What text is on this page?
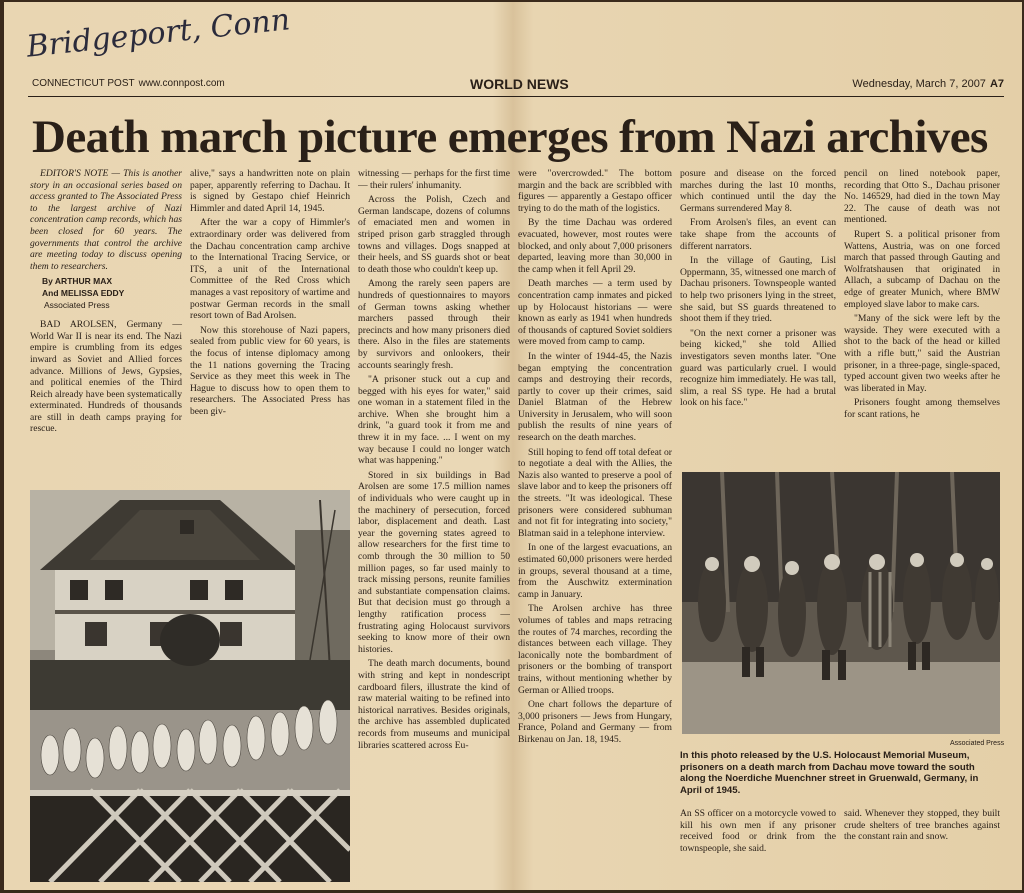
Bridgeport, Conn
CONNECTICUT POST www.connpost.com	WORLD NEWS	Wednesday, March 7, 2007 A7
Death march picture emerges from Nazi archives

EDITOR'S NOTE — This is another story in an occasional series based on access granted to The Associated Press to the largest archive of Nazi concentration camp records, which has been closed for 60 years. The governments that control the archive are meeting today to discuss opening them to researchers.

By ARTHUR MAX
And MELISSA EDDY
Associated Press

BAD AROLSEN, Germany — World War II is near its end. The Nazi empire is crumbling from its edges inward as Soviet and Allied forces advance. Millions of Jews, Gypsies, and political enemies of the Third Reich already have been systematically exterminated. Hundreds of thousands are still in death camps praying for rescue.

alive," says a handwritten note on plain paper, apparently referring to Dachau. It is signed by Gestapo chief Heinrich Himmler and dated April 14, 1945.

After the war a copy of Himmler's extraordinary order was delivered from the Dachau concentration camp archive to the International Tracing Service, or ITS, a unit of the International Committee of the Red Cross which manages a vast repository of wartime and postwar German records in the small resort town of Bad Arolsen.

Now this storehouse of Nazi papers, sealed from public view for 60 years, is the focus of intense diplomacy among the 11 nations governing the Tracing Service as they meet this week in The Hague to discuss how to open them to researchers. The Associated Press has been giv-

witnessing — perhaps for the first time — their rulers' inhumanity.

Across the Polish, Czech and German landscape, dozens of columns of emaciated men and women in striped prison garb straggled through towns and villages. Dogs snapped at their heels, and SS guards shot or beat to death those who couldn't keep up.

Among the rarely seen papers are hundreds of questionnaires to mayors of German towns asking whether marchers passed through their precincts and how many prisoners died there. Also in the files are statements by survivors and onlookers, their accounts searingly fresh.

"A prisoner stuck out a cup and begged with his eyes for water," said one woman in a statement filed in the archive. When she brought him a drink, "a guard took it from me and threw it in my face. ... I went on my way because I could no longer watch what was happening."

Stored in six buildings in Bad Arolsen are some 17.5 million names of individuals who were caught up in the machinery of persecution, forced labor, displacement and death. Last year the governing states agreed to allow researchers for the first time to comb through the 30 million to 50 million pages, so far used mainly to track missing persons, reunite families and substantiate compensation claims. But that decision must go through a lengthy ratification process — frustrating aging Holocaust survivors seeking to know more of their own histories.

The death march documents, bound with string and kept in nondescript cardboard filers, illustrate the kind of raw material waiting to be refined into historical narratives. Besides originals, the archive has assembled duplicated records from museums and municipal libraries scattered across Eu-

were "overcrowded." The bottom margin and the back are scribbled with figures — apparently a Gestapo officer trying to do the math of the logistics.

By the time Dachau was ordered evacuated, however, most routes were blocked, and only about 7,000 prisoners departed, leaving more than 30,000 in the camp when it fell April 29.

Death marches — a term used by concentration camp inmates and picked up by Holocaust historians — were known as early as 1941 when hundreds of thousands of captured Soviet soldiers were moved from camp to camp.

In the winter of 1944-45, the Nazis began emptying the concentration camps and destroying their records, partly to cover up their crimes, said Daniel Blatman of the Hebrew University in Jerusalem, who will soon publish the results of nine years of research on the death marches.

Still hoping to fend off total defeat or to negotiate a deal with the Allies, the Nazis also wanted to preserve a pool of slave labor and to keep the prisoners off the streets. "It was ideological. These prisoners were considered subhuman and not fit for integrating into society," Blatman said in a telephone interview.

In one of the largest evacuations, an estimated 60,000 prisoners were herded in groups, several thousand at a time, from the Auschwitz extermination camp in January.

The Arolsen archive has three volumes of tables and maps retracing the routes of 74 marches, recording the distances between each village. They laconically note the bombardment of prisoners or the bombing of transport trains, without mentioning whether by German or Allied troops.

One chart follows the departure of 3,000 prisoners — Jews from Hungary, France, Poland and Germany — from Birkenau on Jan. 18, 1945.

posure and disease on the forced marches during the last 10 months, which continued until the day the Germans surrendered May 8.

From Arolsen's files, an event can take shape from the accounts of different narrators.

In the village of Gauting, Lisl Oppermann, 35, witnessed one march of Dachau prisoners. Townspeople wanted to help two prisoners lying in the street, she said, but SS guards threatened to shoot them if they tried.

"On the next corner a prisoner was being kicked," she told Allied investigators seven months later. "One guard was particularly cruel. I would recognize him immediately. He was tall, slim, a real SS type. He had a brutal look on his face."

pencil on lined notebook paper, recording that Otto S., Dachau prisoner No. 146529, had died in the town May 22. The cause of death was not mentioned.

Rupert S. a political prisoner from Wattens, Austria, was on one forced march that passed through Gauting and Wolfratshausen that originated in Allach, a subcamp of Dachau on the edge of greater Munich, where BMW employed slave labor to make cars.

"Many of the sick were left by the wayside. They were executed with a shot to the back of the head or killed with a rifle butt," said the Austrian prisoner, in a three-page, single-spaced, typed account given two weeks after he was liberated in May.

Prisoners fought among themselves for scant rations, he

Associated Press
In this photo released by the U.S. Holocaust Memorial Museum, prisoners on a death march from Dachau move toward the south along the Noerdiche Muenchner street in Gruenwald, Germany, in April of 1945.

An SS officer on a motorcycle vowed to kill his own men if any prisoner received food or drink from the townspeople, she said.

said. Whenever they stopped, they built crude shelters of tree branches against the constant rain and snow.
